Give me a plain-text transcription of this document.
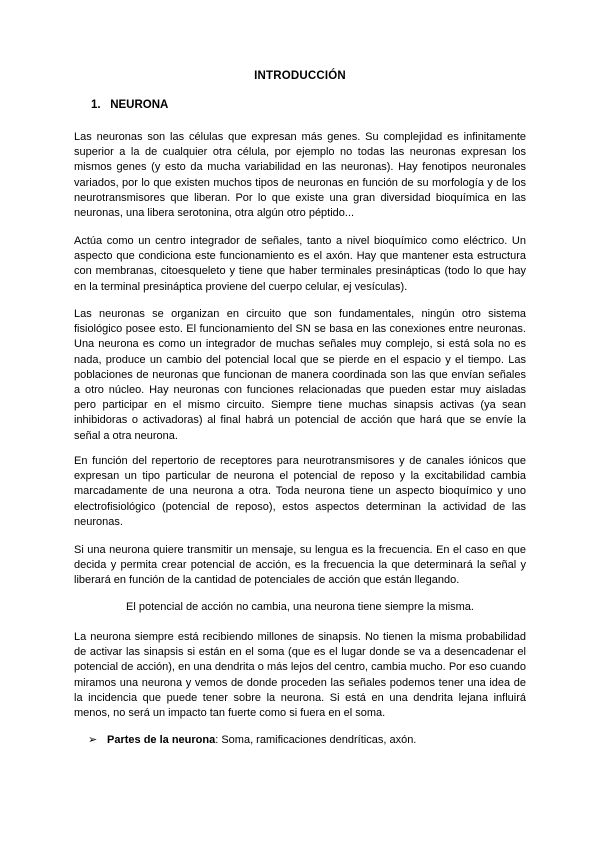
INTRODUCCIÓN
1. NEURONA

Las neuronas son las células que expresan más genes. Su complejidad es infinitamente superior a la de cualquier otra célula, por ejemplo no todas las neuronas expresan los mismos genes (y esto da mucha variabilidad en las neuronas). Hay fenotipos neuronales variados, por lo que existen muchos tipos de neuronas en función de su morfología y de los neurotransmisores que liberan. Por lo que existe una gran diversidad bioquímica en las neuronas, una libera serotonina, otra algún otro péptido...

Actúa como un centro integrador de señales, tanto a nivel bioquímico como eléctrico. Un aspecto que condiciona este funcionamiento es el axón. Hay que mantener esta estructura con membranas, citoesqueleto y tiene que haber terminales presinápticas (todo lo que hay en la terminal presináptica proviene del cuerpo celular, ej vesículas).

Las neuronas se organizan en circuito que son fundamentales, ningún otro sistema fisiológico posee esto. El funcionamiento del SN se basa en las conexiones entre neuronas. Una neurona es como un integrador de muchas señales muy complejo, si está sola no es nada, produce un cambio del potencial local que se pierde en el espacio y el tiempo. Las poblaciones de neuronas que funcionan de manera coordinada son las que envían señales a otro núcleo. Hay neuronas con funciones relacionadas que pueden estar muy aisladas pero participar en el mismo circuito. Siempre tiene muchas sinapsis activas (ya sean inhibidoras o activadoras) al final habrá un potencial de acción que hará que se envíe la señal a otra neurona.

En función del repertorio de receptores para neurotransmisores y de canales iónicos que expresan un tipo particular de neurona el potencial de reposo y la excitabilidad cambia marcadamente de una neurona a otra. Toda neurona tiene un aspecto bioquímico y uno electrofisiológico (potencial de reposo), estos aspectos determinan la actividad de las neuronas.

Si una neurona quiere transmitir un mensaje, su lengua es la frecuencia. En el caso en que decida y permita crear potencial de acción, es la frecuencia la que determinará la señal y liberará en función de la cantidad de potenciales de acción que están llegando.

El potencial de acción no cambia, una neurona tiene siempre la misma.

La neurona siempre está recibiendo millones de sinapsis. No tienen la misma probabilidad de activar las sinapsis si están en el soma (que es el lugar donde se va a desencadenar el potencial de acción), en una dendrita o más lejos del centro, cambia mucho. Por eso cuando miramos una neurona y vemos de donde proceden las señales podemos tener una idea de la incidencia que puede tener sobre la neurona. Si está en una dendrita lejana influirá menos, no será un impacto tan fuerte como si fuera en el soma.

➢ Partes de la neurona: Soma, ramificaciones dendríticas, axón.
